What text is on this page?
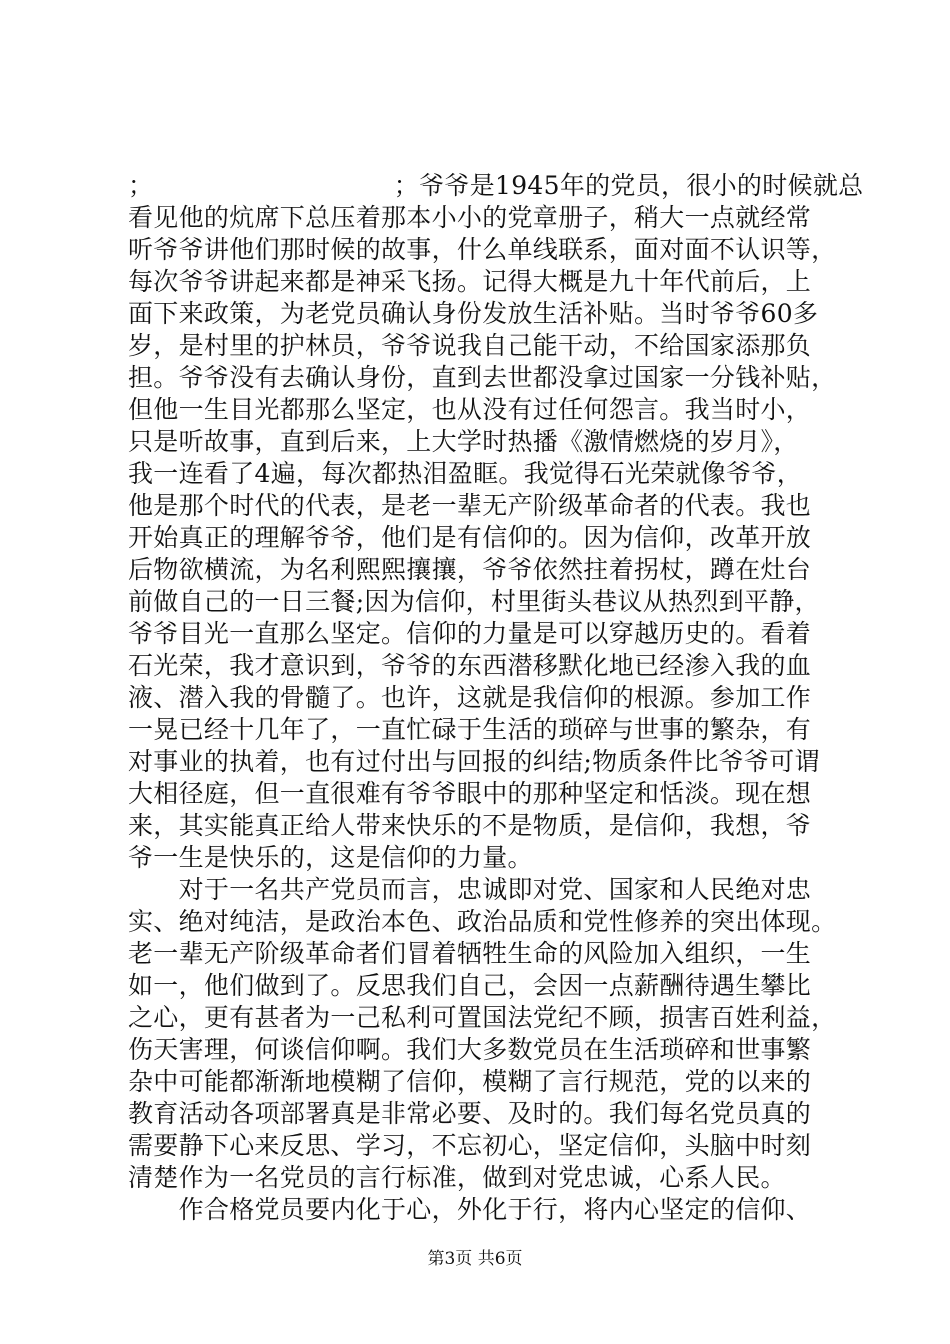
；　　　　　　　　　　；爷爷是1945年的党员，很小的时候就总
看见他的炕席下总压着那本小小的党章册子，稍大一点就经常
听爷爷讲他们那时候的故事，什么单线联系，面对面不认识等，
每次爷爷讲起来都是神采飞扬。记得大概是九十年代前后，上
面下来政策，为老党员确认身份发放生活补贴。当时爷爷60多
岁，是村里的护林员，爷爷说我自己能干动，不给国家添那负
担。爷爷没有去确认身份，直到去世都没拿过国家一分钱补贴，
但他一生目光都那么坚定，也从没有过任何怨言。我当时小，
只是听故事，直到后来，上大学时热播《激情燃烧的岁月》，
我一连看了4遍，每次都热泪盈眶。我觉得石光荣就像爷爷，
他是那个时代的代表，是老一辈无产阶级革命者的代表。我也
开始真正的理解爷爷，他们是有信仰的。因为信仰，改革开放
后物欲横流，为名利熙熙攘攘，爷爷依然拄着拐杖，蹲在灶台
前做自己的一日三餐;因为信仰，村里街头巷议从热烈到平静，
爷爷目光一直那么坚定。信仰的力量是可以穿越历史的。看着
石光荣，我才意识到，爷爷的东西潜移默化地已经渗入我的血
液、潜入我的骨髓了。也许，这就是我信仰的根源。参加工作
一晃已经十几年了，一直忙碌于生活的琐碎与世事的繁杂，有
对事业的执着，也有过付出与回报的纠结;物质条件比爷爷可谓
大相径庭，但一直很难有爷爷眼中的那种坚定和恬淡。现在想
来，其实能真正给人带来快乐的不是物质，是信仰，我想，爷
爷一生是快乐的，这是信仰的力量。
　　对于一名共产党员而言，忠诚即对党、国家和人民绝对忠
实、绝对纯洁，是政治本色、政治品质和党性修养的突出体现。
老一辈无产阶级革命者们冒着牺牲生命的风险加入组织，一生
如一，他们做到了。反思我们自己，会因一点薪酬待遇生攀比
之心，更有甚者为一己私利可置国法党纪不顾，损害百姓利益，
伤天害理，何谈信仰啊。我们大多数党员在生活琐碎和世事繁
杂中可能都渐渐地模糊了信仰，模糊了言行规范，党的以来的
教育活动各项部署真是非常必要、及时的。我们每名党员真的
需要静下心来反思、学习，不忘初心，坚定信仰，头脑中时刻
清楚作为一名党员的言行标准，做到对党忠诚，心系人民。
　　作合格党员要内化于心，外化于行，将内心坚定的信仰、
第3页 共6页
